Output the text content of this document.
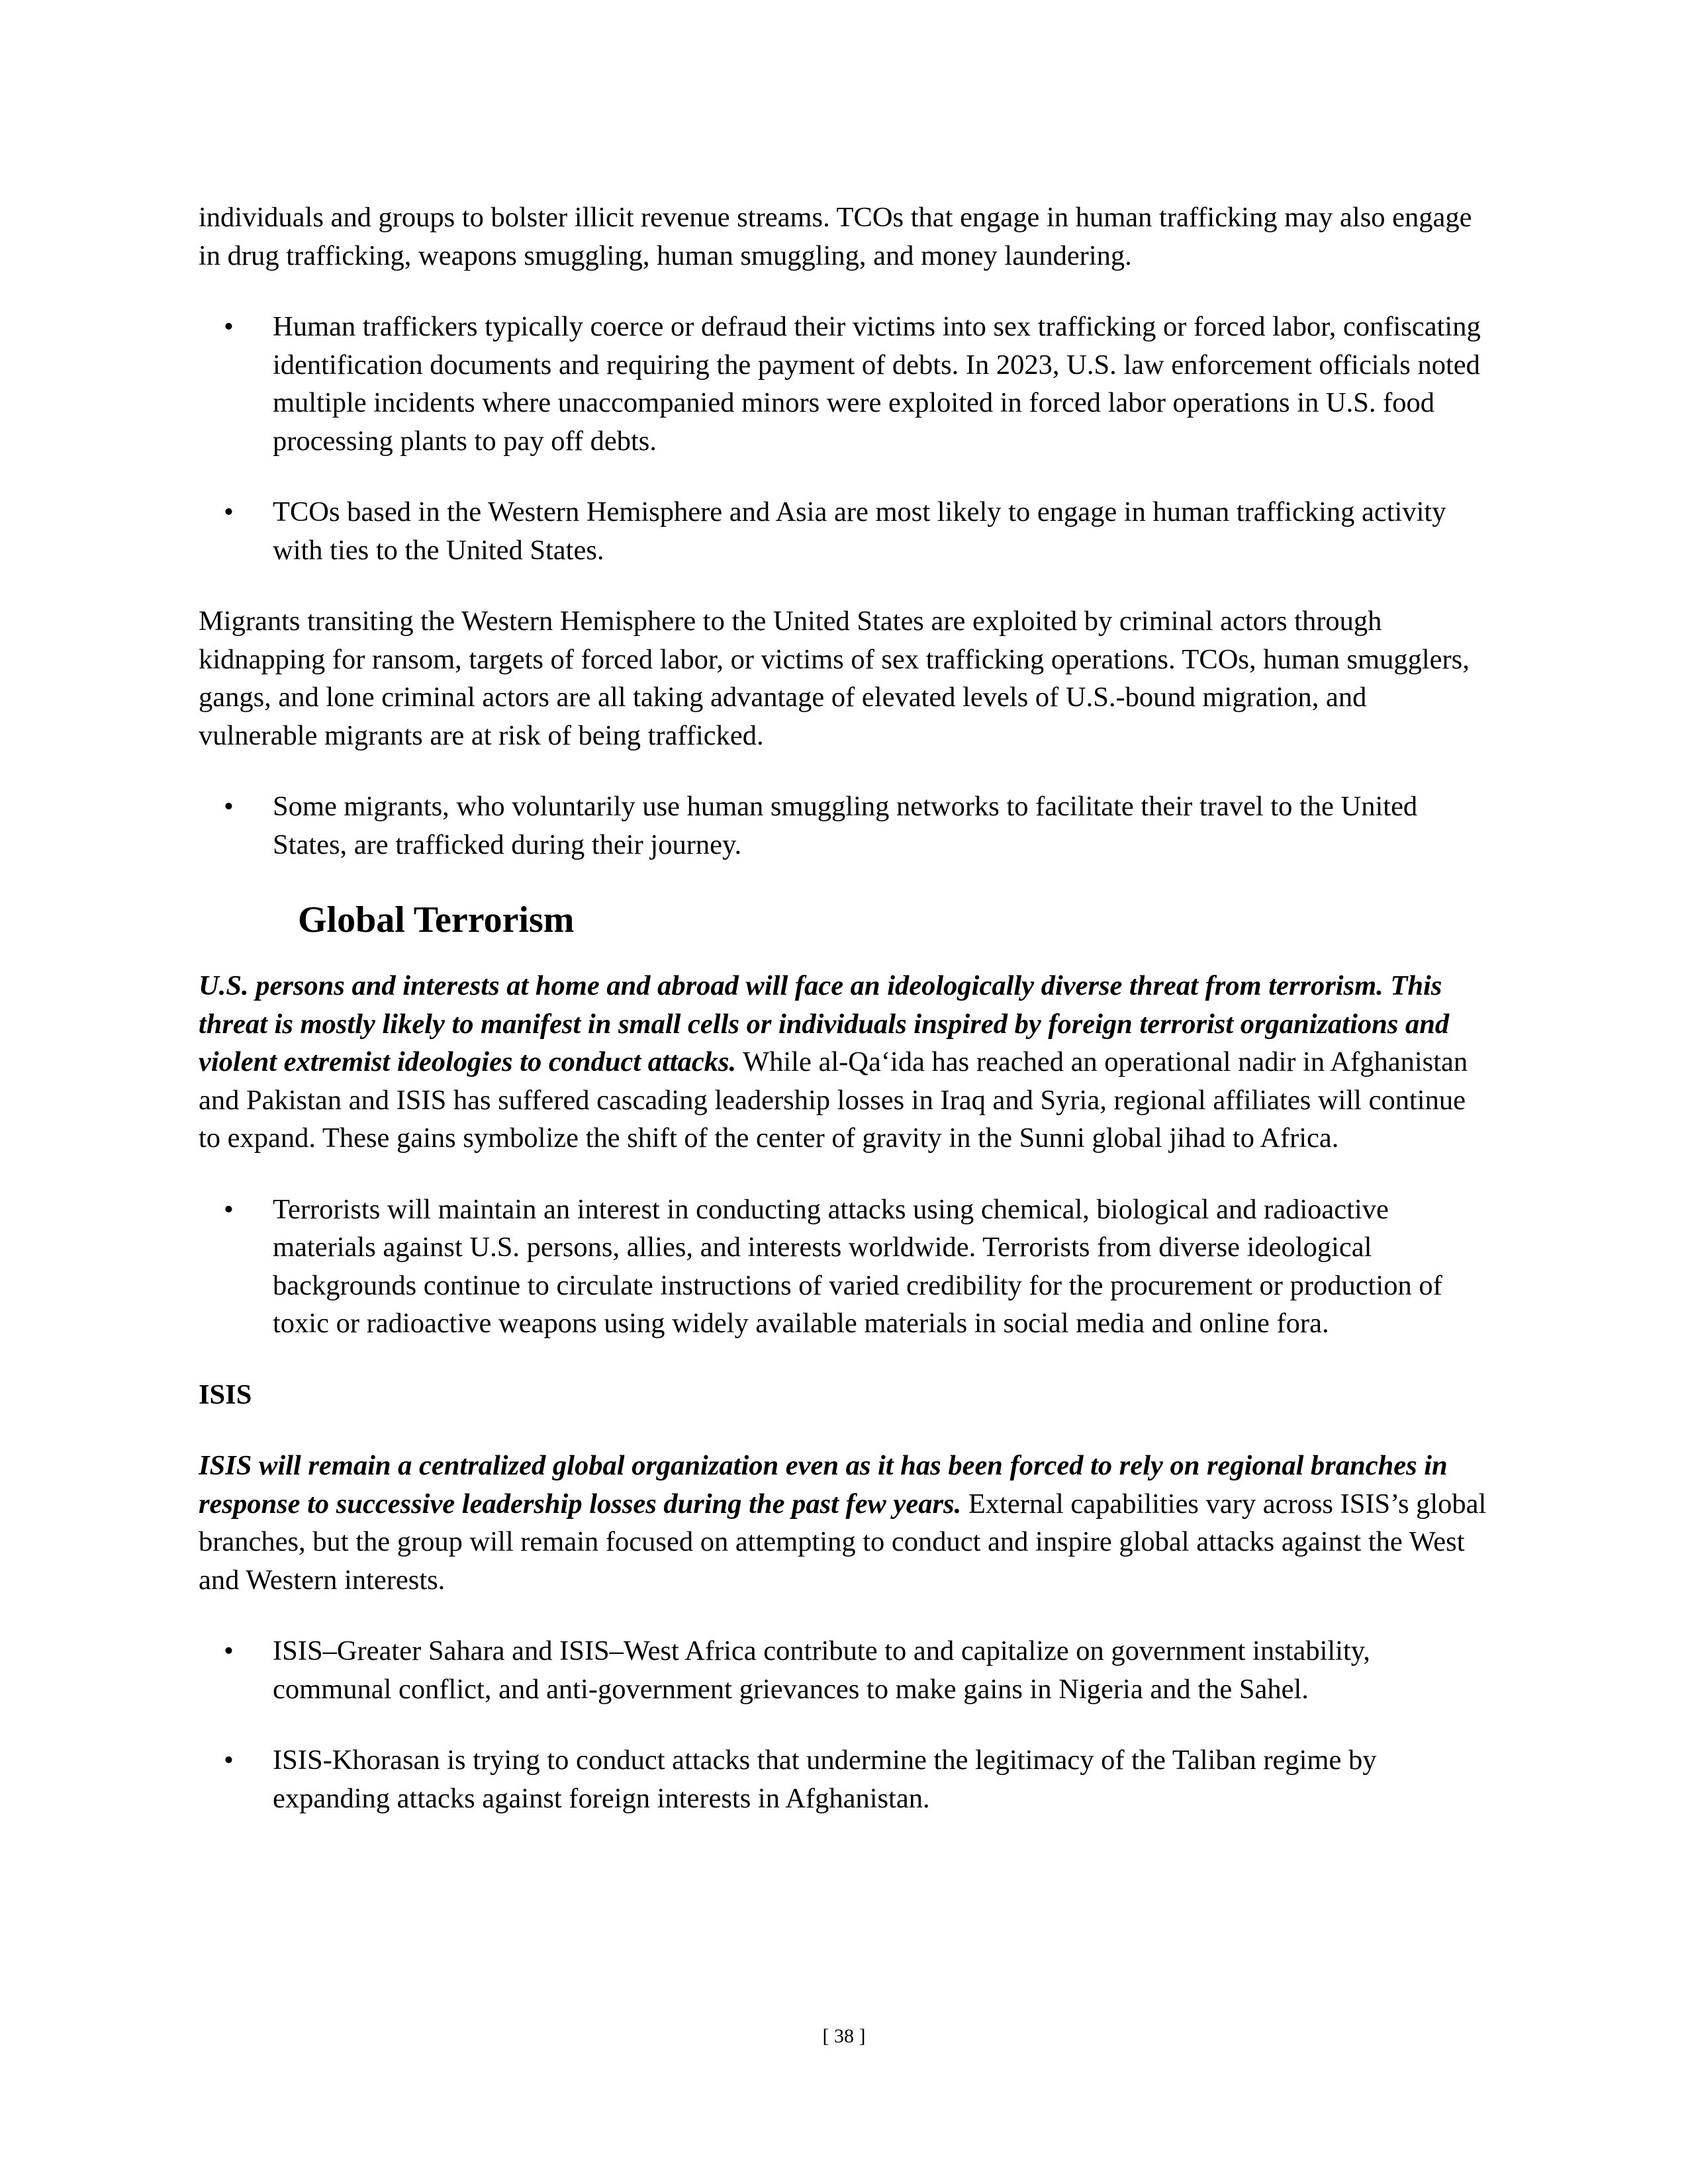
individuals and groups to bolster illicit revenue streams. TCOs that engage in human trafficking may also engage in drug trafficking, weapons smuggling, human smuggling, and money laundering.

• Human traffickers typically coerce or defraud their victims into sex trafficking or forced labor, confiscating identification documents and requiring the payment of debts. In 2023, U.S. law enforcement officials noted multiple incidents where unaccompanied minors were exploited in forced labor operations in U.S. food processing plants to pay off debts.
• TCOs based in the Western Hemisphere and Asia are most likely to engage in human trafficking activity with ties to the United States.

Migrants transiting the Western Hemisphere to the United States are exploited by criminal actors through kidnapping for ransom, targets of forced labor, or victims of sex trafficking operations. TCOs, human smugglers, gangs, and lone criminal actors are all taking advantage of elevated levels of U.S.-bound migration, and vulnerable migrants are at risk of being trafficked.

• Some migrants, who voluntarily use human smuggling networks to facilitate their travel to the United States, are trafficked during their journey.
Global Terrorism

U.S. persons and interests at home and abroad will face an ideologically diverse threat from terrorism. This threat is mostly likely to manifest in small cells or individuals inspired by foreign terrorist organizations and violent extremist ideologies to conduct attacks. While al-Qa‘ida has reached an operational nadir in Afghanistan and Pakistan and ISIS has suffered cascading leadership losses in Iraq and Syria, regional affiliates will continue to expand. These gains symbolize the shift of the center of gravity in the Sunni global jihad to Africa.

• Terrorists will maintain an interest in conducting attacks using chemical, biological and radioactive materials against U.S. persons, allies, and interests worldwide. Terrorists from diverse ideological backgrounds continue to circulate instructions of varied credibility for the procurement or production of toxic or radioactive weapons using widely available materials in social media and online fora.

ISIS

ISIS will remain a centralized global organization even as it has been forced to rely on regional branches in response to successive leadership losses during the past few years. External capabilities vary across ISIS’s global branches, but the group will remain focused on attempting to conduct and inspire global attacks against the West and Western interests.

• ISIS–Greater Sahara and ISIS–West Africa contribute to and capitalize on government instability, communal conflict, and anti-government grievances to make gains in Nigeria and the Sahel.
• ISIS-Khorasan is trying to conduct attacks that undermine the legitimacy of the Taliban regime by expanding attacks against foreign interests in Afghanistan.
[ 38 ]
